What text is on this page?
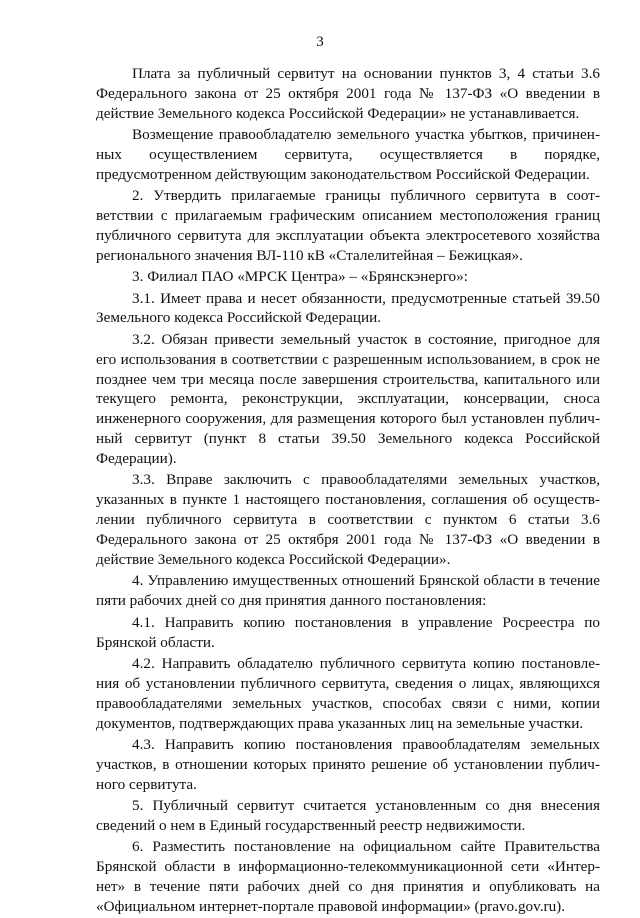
3

Плата за публичный сервитут на основании пунктов 3, 4 статьи 3.6 Федерального закона от 25 октября 2001 года № 137-ФЗ «О введении в действие Земельного кодекса Российской Федерации» не устанавливается.

Возмещение правообладателю земельного участка убытков, причиненных осуществлением сервитута, осуществляется в порядке, предусмотренном действующим законодательством Российской Федерации.

2. Утвердить прилагаемые границы публичного сервитута в соответствии с прилагаемым графическим описанием местоположения границ публичного сервитута для эксплуатации объекта электросетевого хозяйства регионального значения ВЛ-110 кВ «Сталелитейная – Бежицкая».

3. Филиал ПАО «МРСК Центра» – «Брянскэнерго»:

3.1. Имеет права и несет обязанности, предусмотренные статьей 39.50 Земельного кодекса Российской Федерации.

3.2. Обязан привести земельный участок в состояние, пригодное для его использования в соответствии с разрешенным использованием, в срок не позднее чем три месяца после завершения строительства, капитального или текущего ремонта, реконструкции, эксплуатации, консервации, сноса инженерного сооружения, для размещения которого был установлен публичный сервитут (пункт 8 статьи 39.50 Земельного кодекса Российской Федерации).

3.3. Вправе заключить с правообладателями земельных участков, указанных в пункте 1 настоящего постановления, соглашения об осуществлении публичного сервитута в соответствии с пунктом 6 статьи 3.6 Федерального закона от 25 октября 2001 года № 137-ФЗ «О введении в действие Земельного кодекса Российской Федерации».

4. Управлению имущественных отношений Брянской области в течение пяти рабочих дней со дня принятия данного постановления:

4.1. Направить копию постановления в управление Росреестра по Брянской области.

4.2. Направить обладателю публичного сервитута копию постановления об установлении публичного сервитута, сведения о лицах, являющихся правообладателями земельных участков, способах связи с ними, копии документов, подтверждающих права указанных лиц на земельные участки.

4.3. Направить копию постановления правообладателям земельных участков, в отношении которых принято решение об установлении публичного сервитута.

5. Публичный сервитут считается установленным со дня внесения сведений о нем в Единый государственный реестр недвижимости.

6. Разместить постановление на официальном сайте Правительства Брянской области в информационно-телекоммуникационной сети «Интернет» в течение пяти рабочих дней со дня принятия и опубликовать на «Официальном интернет-портале правовой информации» (pravo.gov.ru).
